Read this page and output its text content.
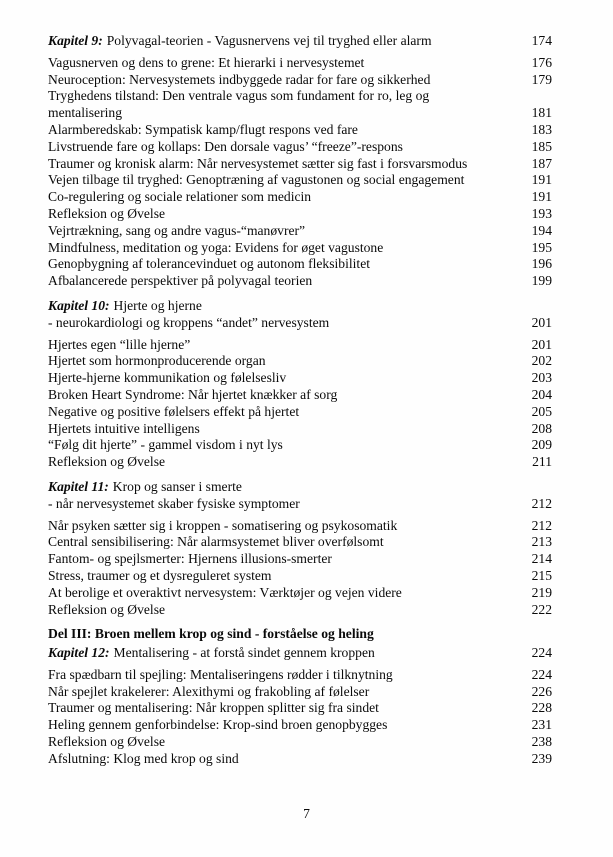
Kapitel 9: Polyvagal-teorien - Vagusnervens vej til tryghed eller alarm	174
Vagusnerven og dens to grene: Et hierarki i nervesystemet	176
Neuroception: Nervesystemets indbyggede radar for fare og sikkerhed	179
Tryghedens tilstand: Den ventrale vagus som fundament for ro, leg og
mentalisering	181
Alarmberedskab: Sympatisk kamp/flugt respons ved fare	183
Livstruende fare og kollaps: Den dorsale vagus’ “freeze”-respons	185
Traumer og kronisk alarm: Når nervesystemet sætter sig fast i forsvarsmodus	187
Vejen tilbage til tryghed: Genoptræning af vagustonen og social engagement	191
Co-regulering og sociale relationer som medicin	191
Refleksion og Øvelse	193
Vejrtrækning, sang og andre vagus-“manøvrer”	194
Mindfulness, meditation og yoga: Evidens for øget vagustone	195
Genopbygning af tolerancevinduet og autonom fleksibilitet	196
Afbalancerede perspektiver på polyvagal teorien	199
Kapitel 10: Hjerte og hjerne
- neurokardiologi og kroppens “andet” nervesystem	201
Hjertes egen “lille hjerne”	201
Hjertet som hormonproducerende organ	202
Hjerte-hjerne kommunikation og følelsesliv	203
Broken Heart Syndrome: Når hjertet knækker af sorg	204
Negative og positive følelsers effekt på hjertet	205
Hjertets intuitive intelligens	208
“Følg dit hjerte” - gammel visdom i nyt lys	209
Refleksion og Øvelse	211
Kapitel 11: Krop og sanser i smerte
- når nervesystemet skaber fysiske symptomer	212
Når psyken sætter sig i kroppen - somatisering og psykosomatik	212
Central sensibilisering: Når alarmsystemet bliver overfølsomt	213
Fantom- og spejlsmerter: Hjernens illusions-smerter	214
Stress, traumer og et dysreguleret system	215
At berolige et overaktivt nervesystem: Værktøjer og vejen videre	219
Refleksion og Øvelse	222
Del III: Broen mellem krop og sind - forståelse og heling
Kapitel 12: Mentalisering - at forstå sindet gennem kroppen	224
Fra spædbarn til spejling: Mentaliseringens rødder i tilknytning	224
Når spejlet krakelerer: Alexithymi og frakobling af følelser	226
Traumer og mentalisering: Når kroppen splitter sig fra sindet	228
Heling gennem genforbindelse: Krop-sind broen genopbygges	231
Refleksion og Øvelse	238
Afslutning: Klog med krop og sind	239
7
